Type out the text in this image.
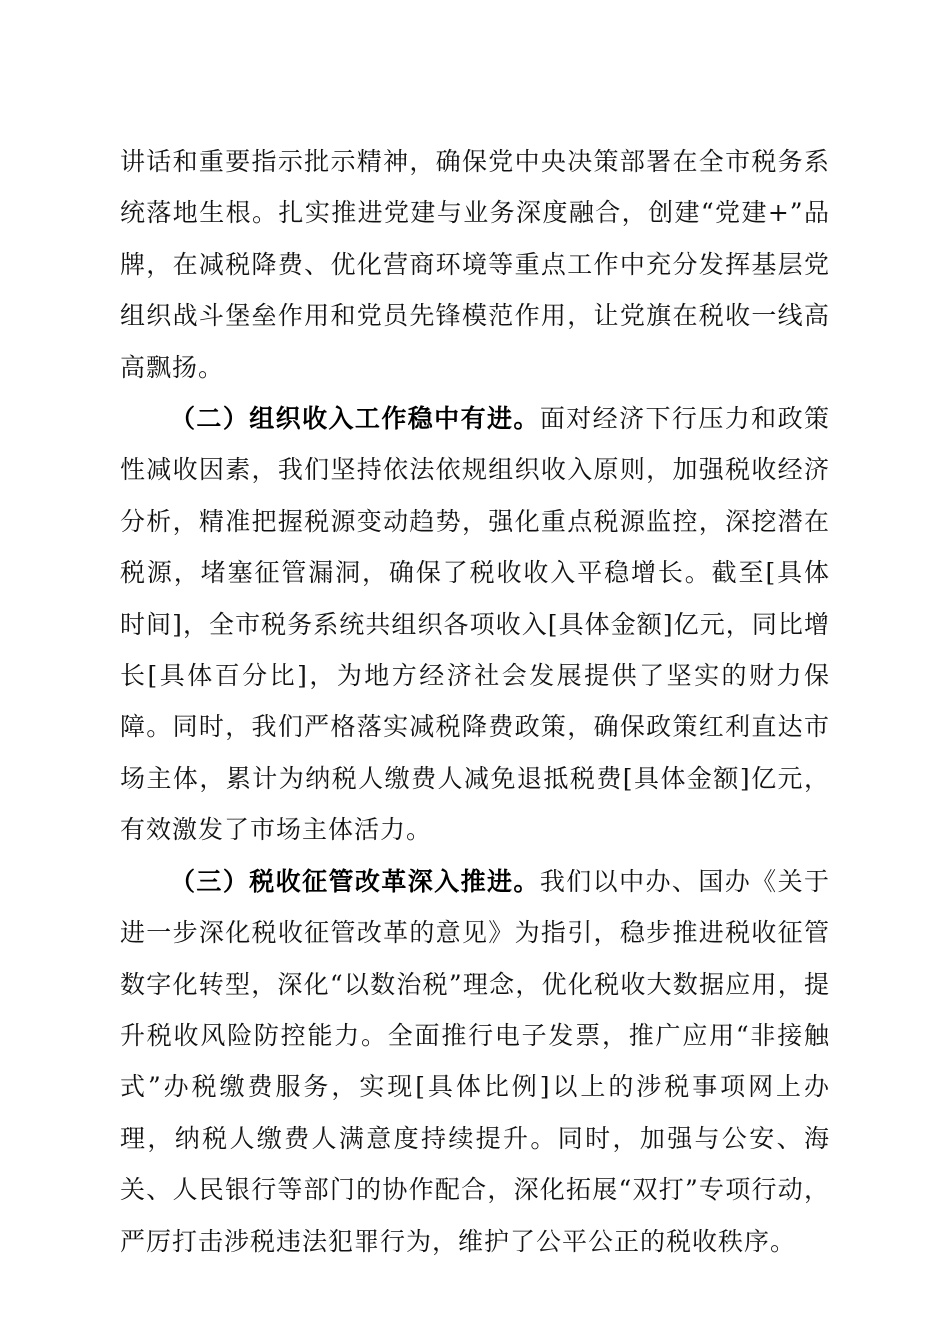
讲话和重要指示批示精神，确保党中央决策部署在全市税务系统落地生根。扎实推进党建与业务深度融合，创建“党建+”品牌，在减税降费、优化营商环境等重点工作中充分发挥基层党组织战斗堡垒作用和党员先锋模范作用，让党旗在税收一线高高飘扬。

（二）组织收入工作稳中有进。面对经济下行压力和政策性减收因素，我们坚持依法依规组织收入原则，加强税收经济分析，精准把握税源变动趋势，强化重点税源监控，深挖潜在税源，堵塞征管漏洞，确保了税收收入平稳增长。截至[具体时间]，全市税务系统共组织各项收入[具体金额]亿元，同比增长[具体百分比]，为地方经济社会发展提供了坚实的财力保障。同时，我们严格落实减税降费政策，确保政策红利直达市场主体，累计为纳税人缴费人减免退抵税费[具体金额]亿元，有效激发了市场主体活力。

（三）税收征管改革深入推进。我们以中办、国办《关于进一步深化税收征管改革的意见》为指引，稳步推进税收征管数字化转型，深化“以数治税”理念，优化税收大数据应用，提升税收风险防控能力。全面推行电子发票，推广应用“非接触式”办税缴费服务，实现[具体比例]以上的涉税事项网上办理，纳税人缴费人满意度持续提升。同时，加强与公安、海关、人民银行等部门的协作配合，深化拓展“双打”专项行动，严厉打击涉税违法犯罪行为，维护了公平公正的税收秩序。
